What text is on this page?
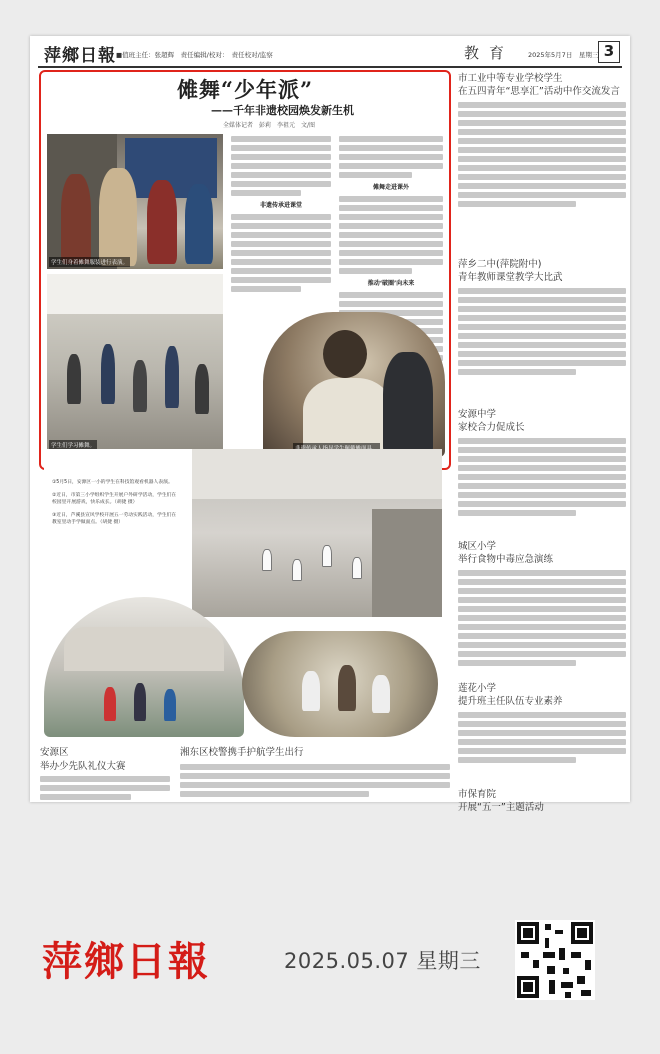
萍鄉日報 ■值班主任：张超辉　责任编辑/校对：　责任校对/监察	教育 2025年5月7日　星期三 3
傩舞“少年派”
——千年非遗校园焕发新生机
全媒体记者　彭莉　李祖元　文/图
学生们身着傩舞服装进行表演。
学生们学习傩舞。
非遗传承进课堂
傩舞走进课外
推动‘破圈’向未来

①5月5日，安源区一小的学生在科技馆观看机器人表演。

②近日，市第三小学组织学生开展户外研学活动，学生们在校园里开展游戏，快乐成长。（胡捷 摄）

③近日，芦溪县宣风学校开展五一劳动实践活动，学生们在教室里动手学做面点。（胡捷 摄）

市工业中等专业学校学生
在五四青年“思享汇”活动中作交流发言
萍乡二中(萍院附中)
青年教师课堂教学大比武
安源中学
家校合力促成长
城区小学
举行食物中毒应急演练
莲花小学
提升班主任队伍专业素养
市保育院
开展“五一”主题活动
安源区
举办少先队礼仪大赛
湘东区校警携手护航学生出行
萍鄉日報	2025.05.07 星期三
